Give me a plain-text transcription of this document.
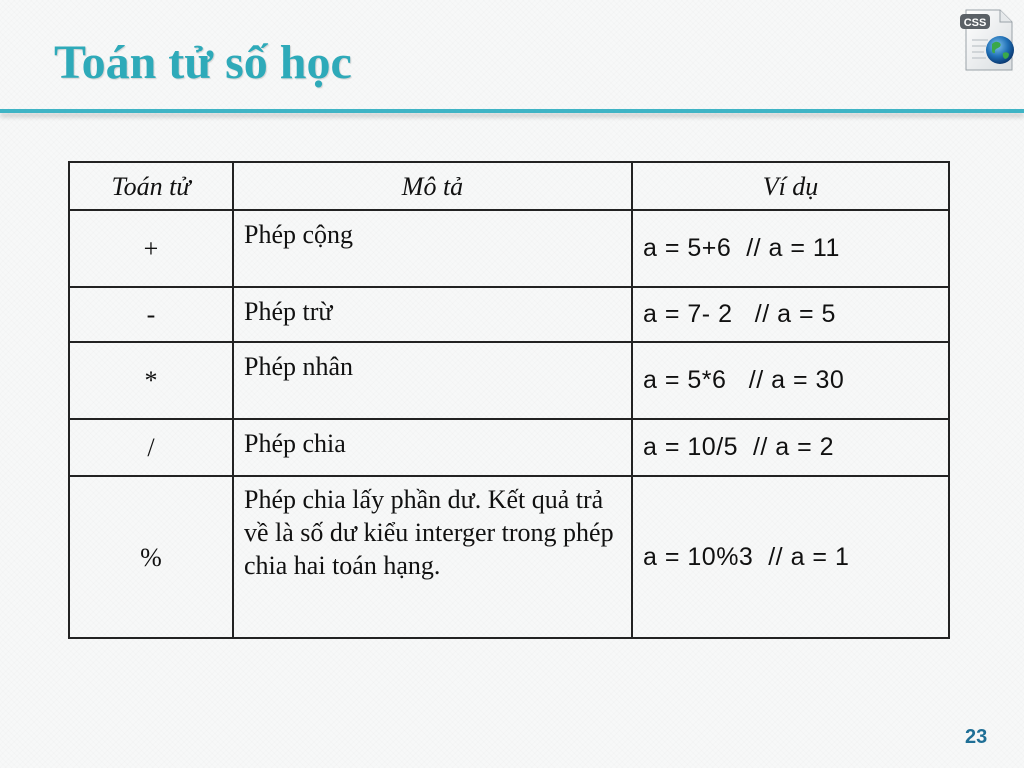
Toán tử số học
CSS
Toán tử	Mô tả	Ví dụ
+	Phép cộng	a = 5+6  // a = 11
-	Phép trừ	a = 7- 2   // a = 5
*	Phép nhân	a = 5*6   // a = 30
/	Phép chia	a = 10/5  // a = 2
%	Phép chia lấy phần dư. Kết quả trả về là số dư kiểu interger trong phép chia hai toán hạng.	a = 10%3  // a = 1
23
